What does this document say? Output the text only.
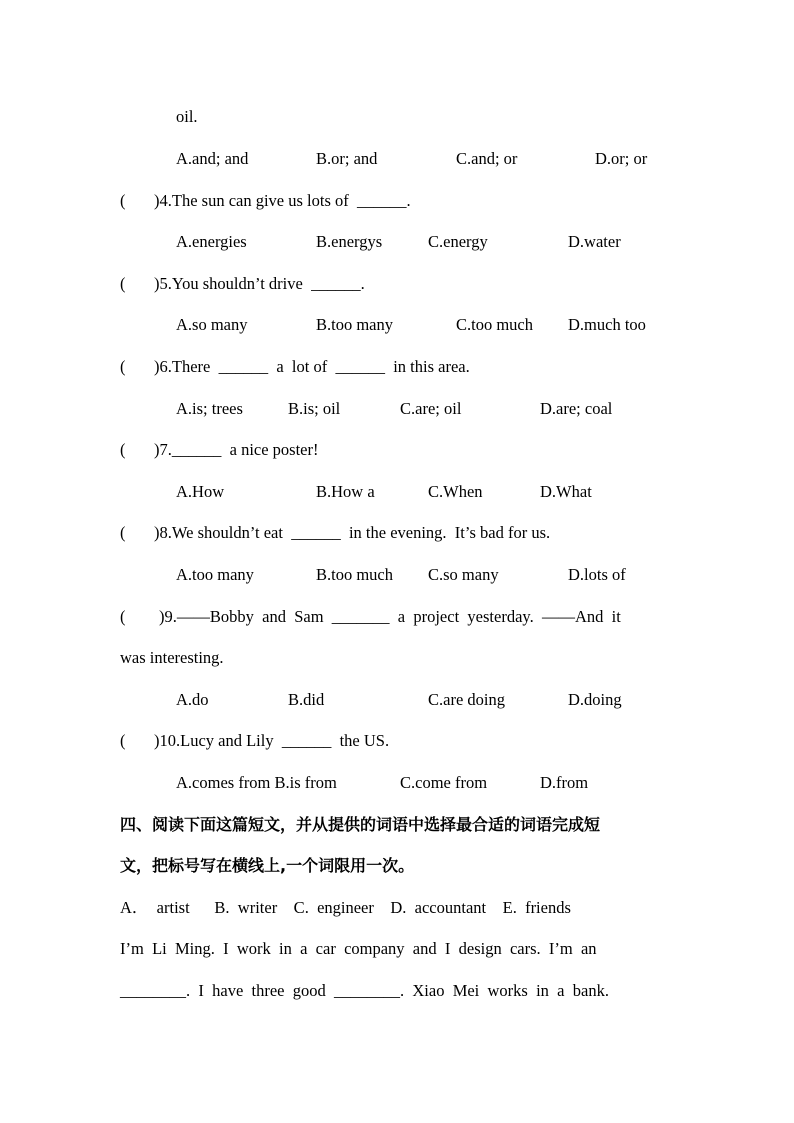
oil.
A.and; and	B.or; and	C.and; or	D.or; or
( )4.The sun can give us lots of  ______.
A.energies	B.energys	C.energy	D.water
( )5.You shouldn’t drive  ______.
A.so many	B.too many	C.too much D.much too
( )6.There  ______  a  lot of  ______  in this area.
A.is; trees	B.is; oil	C.are; oil	D.are; coal
( )7.______  a nice poster!
A.How	B.How a	C.When	D.What
( )8.We shouldn’t eat  ______  in the evening.  It’s bad for us.
A.too many	B.too much C.so many	D.lots of
( )9.——Bobby  and  Sam  _______  a  project  yesterday.  ——And  it
was interesting.
A.do	B.did	C.are doing	D.doing
( )10.Lucy and Lily  ______  the US.
A.comes from B.is from	C.come from	D.from
四、阅读下面这篇短文，并从提供的词语中选择最合适的词语完成短
文，把标号写在横线上,一个词限用一次。
A．  artist      B.  writer    C.  engineer    D.  accountant    E.  friends
I’m  Li  Ming.  I  work  in  a  car  company  and  I  design  cars.  I’m  an
________.  I  have  three  good  ________.  Xiao  Mei  works  in  a  bank.
